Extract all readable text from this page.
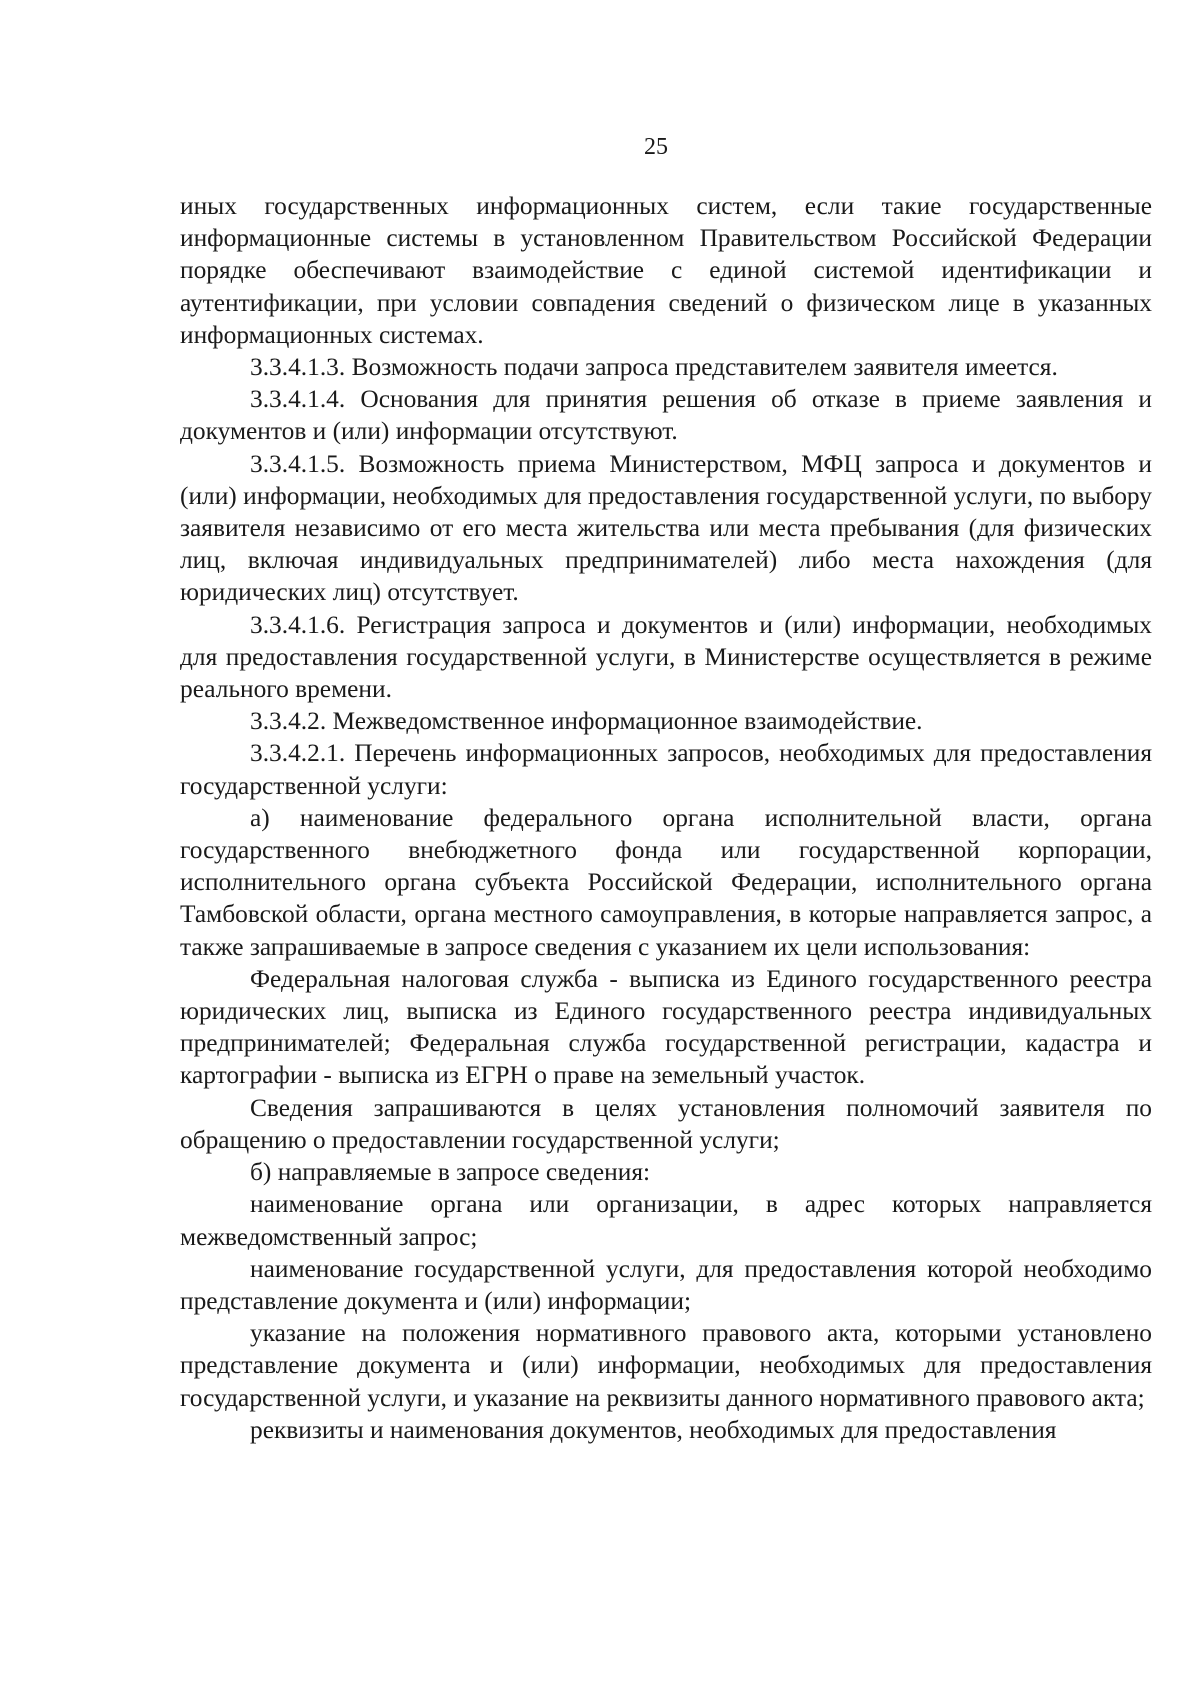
25

иных государственных информационных систем, если такие государственные информационные системы в установленном Правительством Российской Федерации порядке обеспечивают взаимодействие с единой системой идентификации и аутентификации, при условии совпадения сведений о физическом лице в указанных информационных системах.

3.3.4.1.3. Возможность подачи запроса представителем заявителя имеется.

3.3.4.1.4. Основания для принятия решения об отказе в приеме заявления и документов и (или) информации отсутствуют.

3.3.4.1.5. Возможность приема Министерством, МФЦ запроса и документов и (или) информации, необходимых для предоставления государственной услуги, по выбору заявителя независимо от его места жительства или места пребывания (для физических лиц, включая индивидуальных предпринимателей) либо места нахождения (для юридических лиц) отсутствует.

3.3.4.1.6. Регистрация запроса и документов и (или) информации, необходимых для предоставления государственной услуги, в Министерстве осуществляется в режиме реального времени.

3.3.4.2. Межведомственное информационное взаимодействие.

3.3.4.2.1. Перечень информационных запросов, необходимых для предоставления государственной услуги:

а) наименование федерального органа исполнительной власти, органа государственного внебюджетного фонда или государственной корпорации, исполнительного органа субъекта Российской Федерации, исполнительного органа Тамбовской области, органа местного самоуправления, в которые направляется запрос, а также запрашиваемые в запросе сведения с указанием их цели использования:

Федеральная налоговая служба - выписка из Единого государственного реестра юридических лиц, выписка из Единого государственного реестра индивидуальных предпринимателей; Федеральная служба государственной регистрации, кадастра и картографии - выписка из ЕГРН о праве на земельный участок.

Сведения запрашиваются в целях установления полномочий заявителя по обращению о предоставлении государственной услуги;

б) направляемые в запросе сведения:

наименование органа или организации, в адрес которых направляется межведомственный запрос;

наименование государственной услуги, для предоставления которой необходимо представление документа и (или) информации;

указание на положения нормативного правового акта, которыми установлено представление документа и (или) информации, необходимых для предоставления государственной услуги, и указание на реквизиты данного нормативного правового акта;

реквизиты и наименования документов, необходимых для предоставления
